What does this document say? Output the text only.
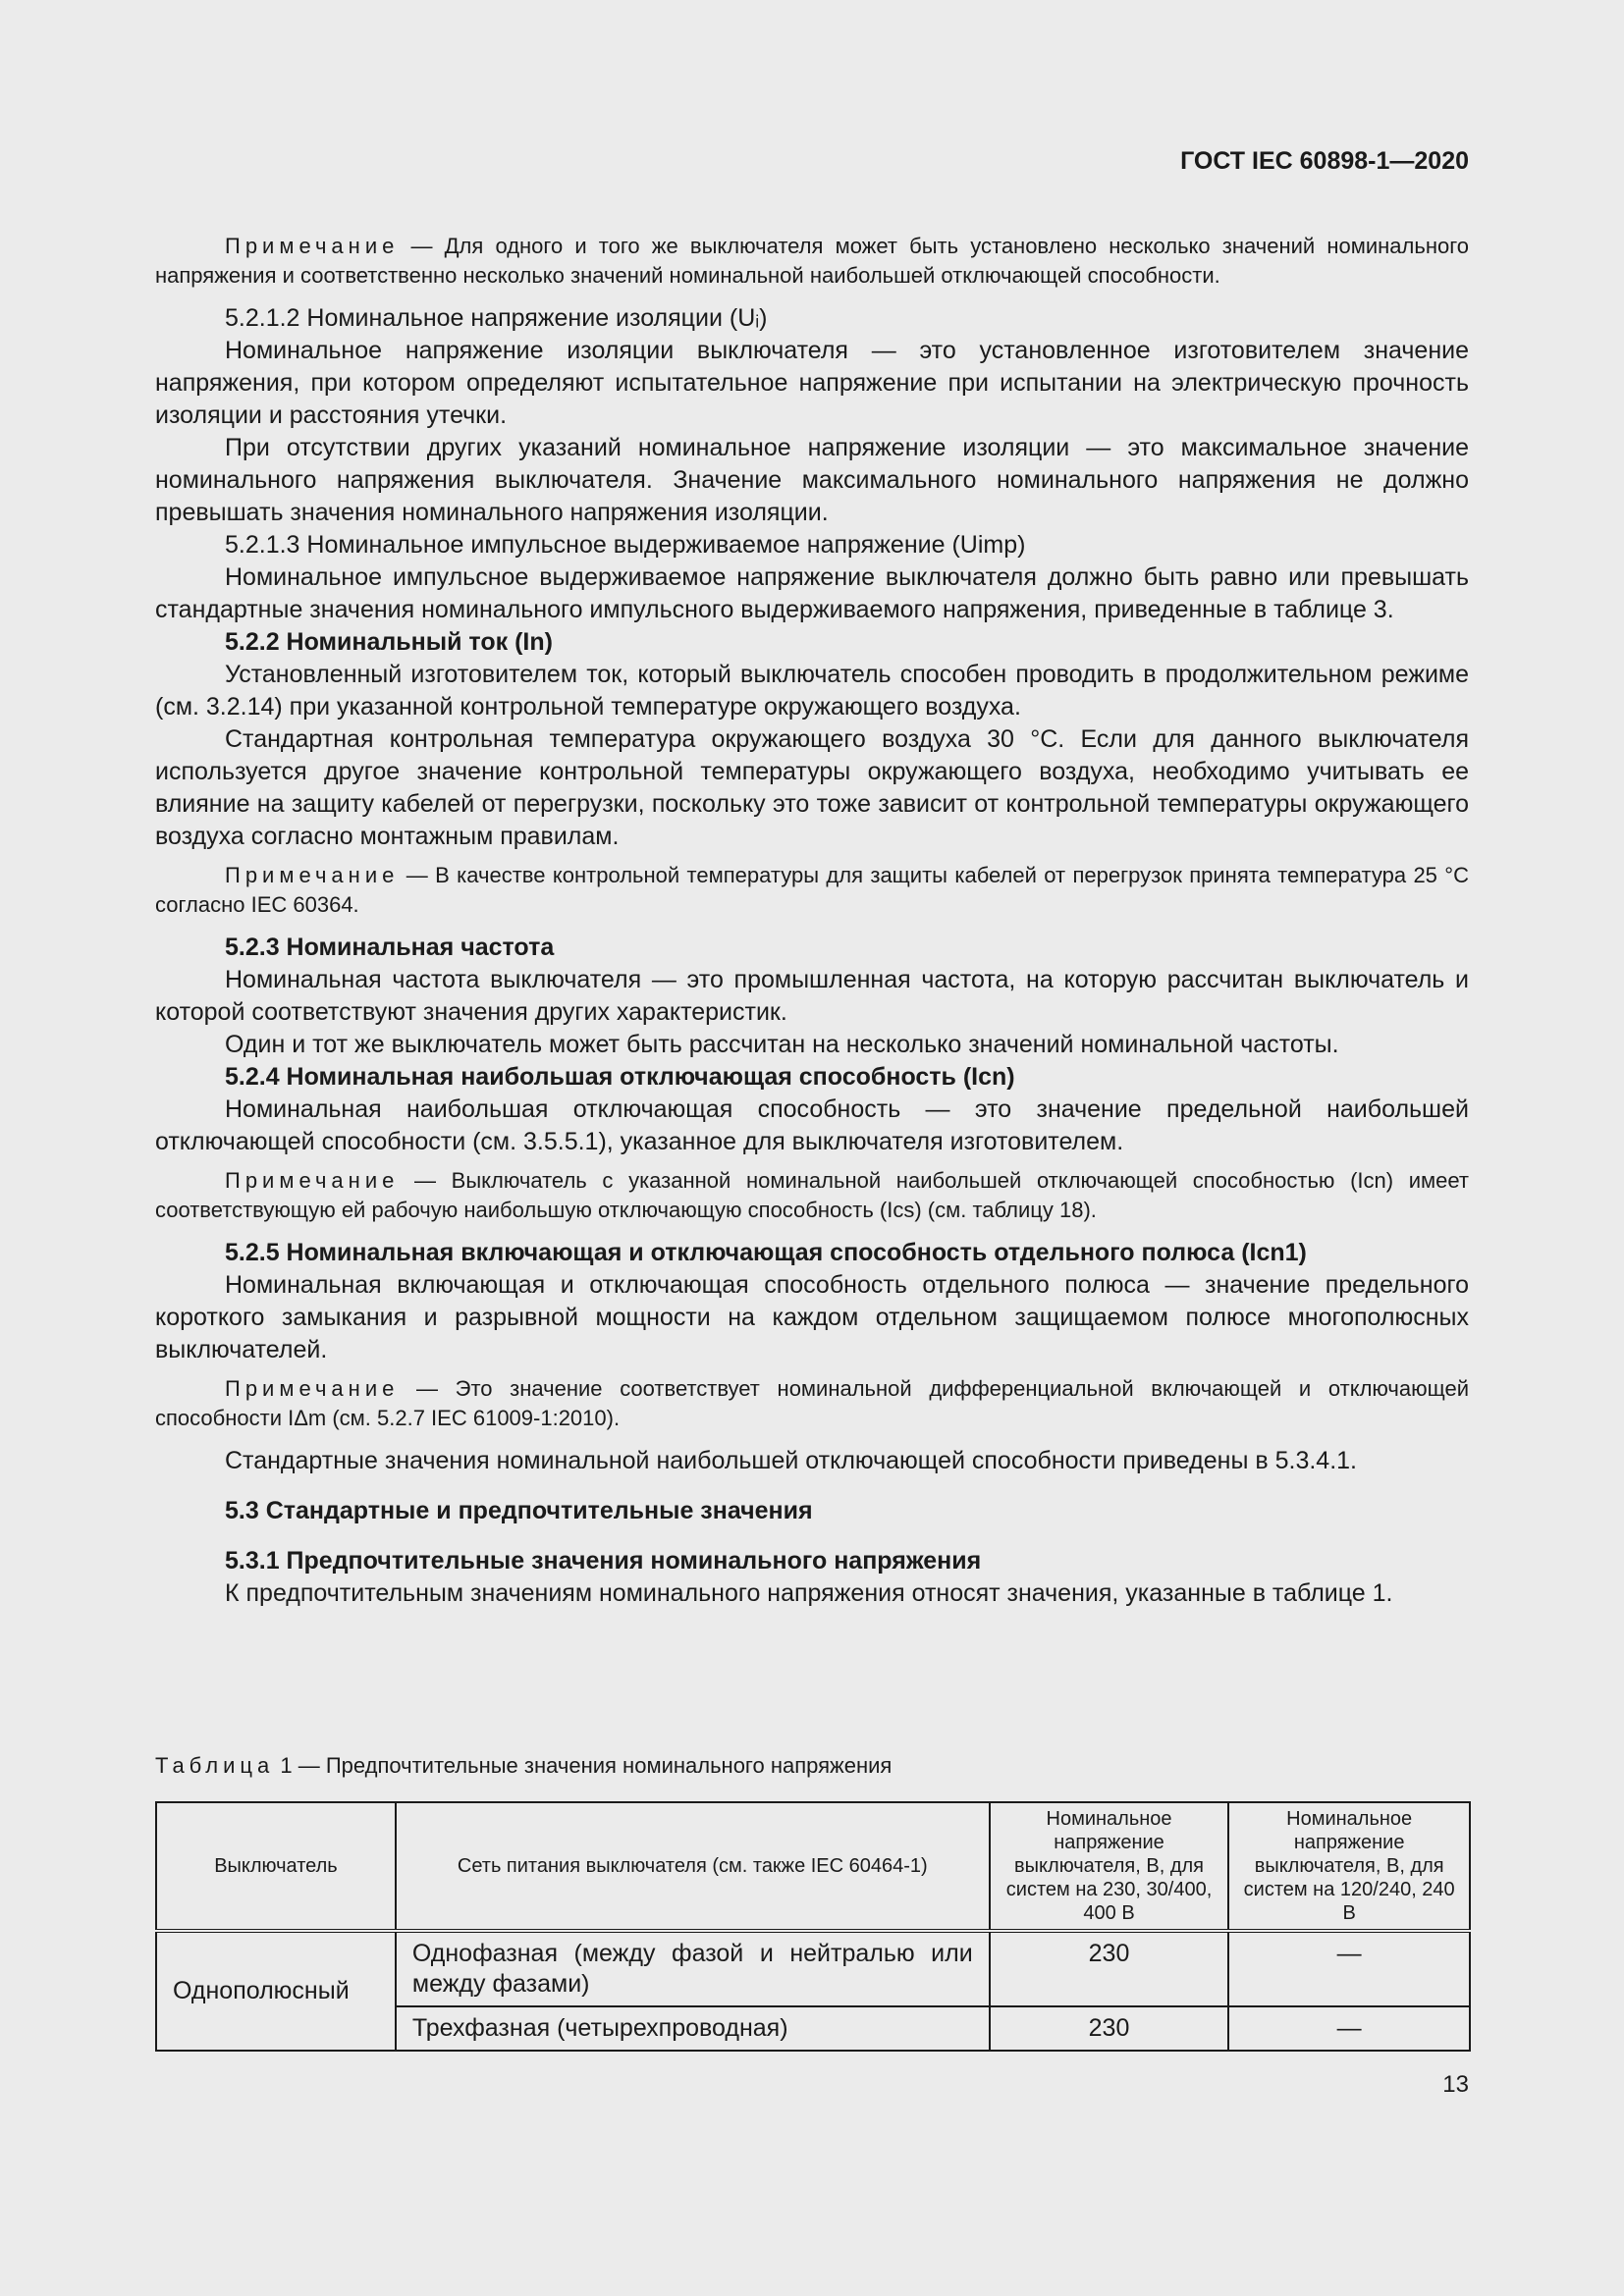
ГОСТ IEC 60898-1—2020

Примечание — Для одного и того же выключателя может быть установлено несколько значений номинального напряжения и соответственно несколько значений номинальной наибольшей отключающей способности.

5.2.1.2 Номинальное напряжение изоляции (Uᵢ)

Номинальное напряжение изоляции выключателя — это установленное изготовителем значение напряжения, при котором определяют испытательное напряжение при испытании на электрическую прочность изоляции и расстояния утечки.

При отсутствии других указаний номинальное напряжение изоляции — это максимальное значение номинального напряжения выключателя. Значение максимального номинального напряжения не должно превышать значения номинального напряжения изоляции.

5.2.1.3 Номинальное импульсное выдерживаемое напряжение (Uimp)

Номинальное импульсное выдерживаемое напряжение выключателя должно быть равно или превышать стандартные значения номинального импульсного выдерживаемого напряжения, приведенные в таблице 3.

5.2.2 Номинальный ток (In)

Установленный изготовителем ток, который выключатель способен проводить в продолжительном режиме (см. 3.2.14) при указанной контрольной температуре окружающего воздуха.

Стандартная контрольная температура окружающего воздуха 30 °С. Если для данного выключателя используется другое значение контрольной температуры окружающего воздуха, необходимо учитывать ее влияние на защиту кабелей от перегрузки, поскольку это тоже зависит от контрольной температуры окружающего воздуха согласно монтажным правилам.

Примечание — В качестве контрольной температуры для защиты кабелей от перегрузок принята температура 25 °С согласно IEC 60364.

5.2.3 Номинальная частота

Номинальная частота выключателя — это промышленная частота, на которую рассчитан выключатель и которой соответствуют значения других характеристик.

Один и тот же выключатель может быть рассчитан на несколько значений номинальной частоты.

5.2.4 Номинальная наибольшая отключающая способность (Icn)

Номинальная наибольшая отключающая способность — это значение предельной наибольшей отключающей способности (см. 3.5.5.1), указанное для выключателя изготовителем.

Примечание — Выключатель с указанной номинальной наибольшей отключающей способностью (Icn) имеет соответствующую ей рабочую наибольшую отключающую способность (Ics) (см. таблицу 18).

5.2.5 Номинальная включающая и отключающая способность отдельного полюса (Icn1)

Номинальная включающая и отключающая способность отдельного полюса — значение предельного короткого замыкания и разрывной мощности на каждом отдельном защищаемом полюсе многополюсных выключателей.

Примечание — Это значение соответствует номинальной дифференциальной включающей и отключающей способности IΔm (см. 5.2.7 IEC 61009-1:2010).

Стандартные значения номинальной наибольшей отключающей способности приведены в 5.3.4.1.

5.3 Стандартные и предпочтительные значения

5.3.1 Предпочтительные значения номинального напряжения

К предпочтительным значениям номинального напряжения относят значения, указанные в таблице 1.

Таблица 1 — Предпочтительные значения номинального напряжения
Выключатель	Сеть питания выключателя (см. также IEC 60464-1)	Номинальное напряжение выключателя, В, для систем на 230, 30/400, 400 В	Номинальное напряжение выключателя, В, для систем на 120/240, 240 В
Однополюсный	Однофазная (между фазой и нейтралью или между фазами)	230	—
	Трехфазная (четырехпроводная)	230	—
13
